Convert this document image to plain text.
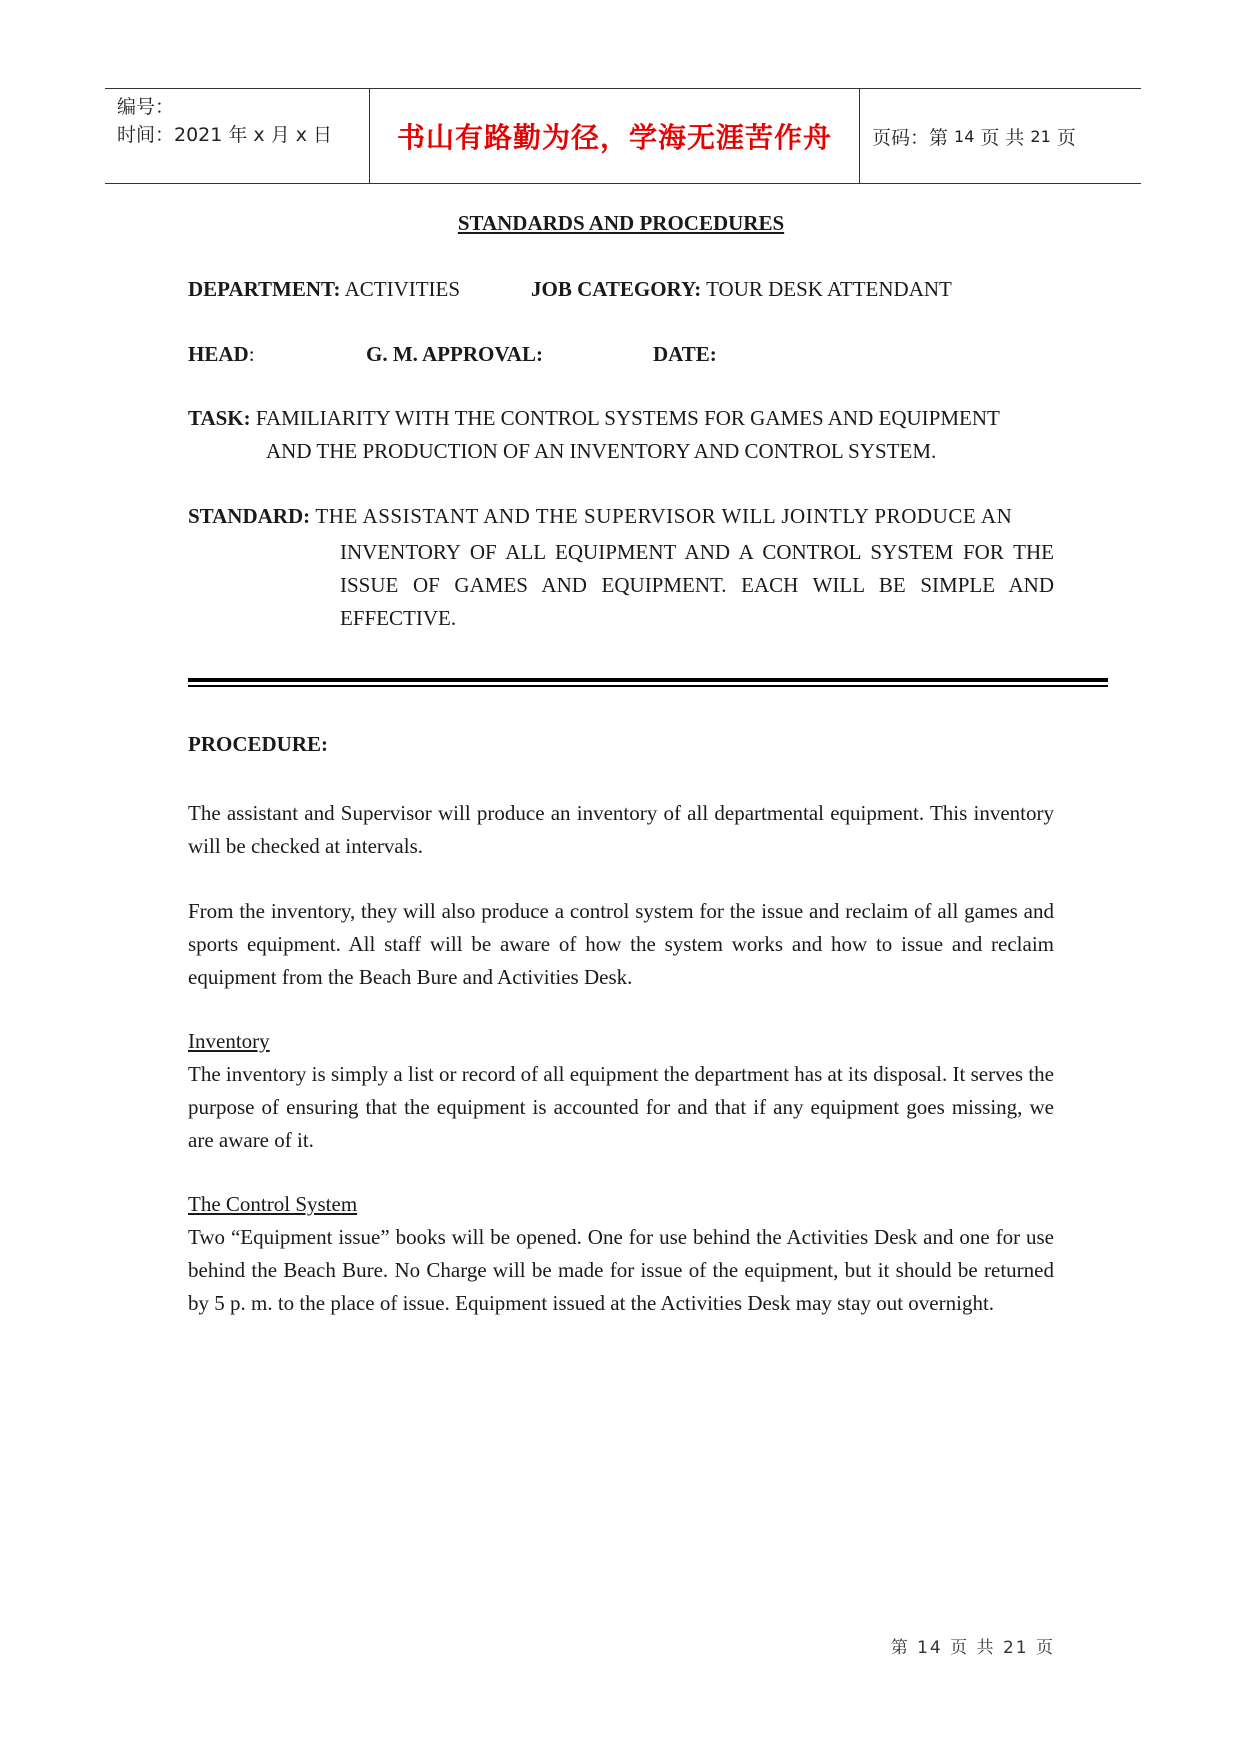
编号：
时间：2021 年 x 月 x 日	书山有路勤为径，学海无涯苦作舟 页码：第 14 页 共 21 页
STANDARDS AND PROCEDURES
DEPARTMENT: ACTIVITIES	JOB CATEGORY: TOUR DESK ATTENDANT
HEAD:	G. M. APPROVAL:	DATE:
TASK: FAMILIARITY WITH THE CONTROL SYSTEMS FOR GAMES AND EQUIPMENT
AND THE PRODUCTION OF AN INVENTORY AND CONTROL SYSTEM.
STANDARD: THE ASSISTANT AND THE SUPERVISOR WILL JOINTLY PRODUCE AN
INVENTORY OF ALL EQUIPMENT AND A CONTROL SYSTEM FOR THE ISSUE OF GAMES AND EQUIPMENT. EACH WILL BE SIMPLE AND EFFECTIVE.
PROCEDURE:
The assistant and Supervisor will produce an inventory of all departmental equipment. This inventory will be checked at intervals.
From the inventory, they will also produce a control system for the issue and reclaim of all games and sports equipment. All staff will be aware of how the system works and how to issue and reclaim equipment from the Beach Bure and Activities Desk.

Inventory

The inventory is simply a list or record of all equipment the department has at its disposal. It serves the purpose of ensuring that the equipment is accounted for and that if any equipment goes missing, we are aware of it.

The Control System

Two “Equipment issue” books will be opened. One for use behind the Activities Desk and one for use behind the Beach Bure. No Charge will be made for issue of the equipment, but it should be returned by 5 p. m. to the place of issue. Equipment issued at the Activities Desk may stay out overnight.

第 14 页 共 21 页
